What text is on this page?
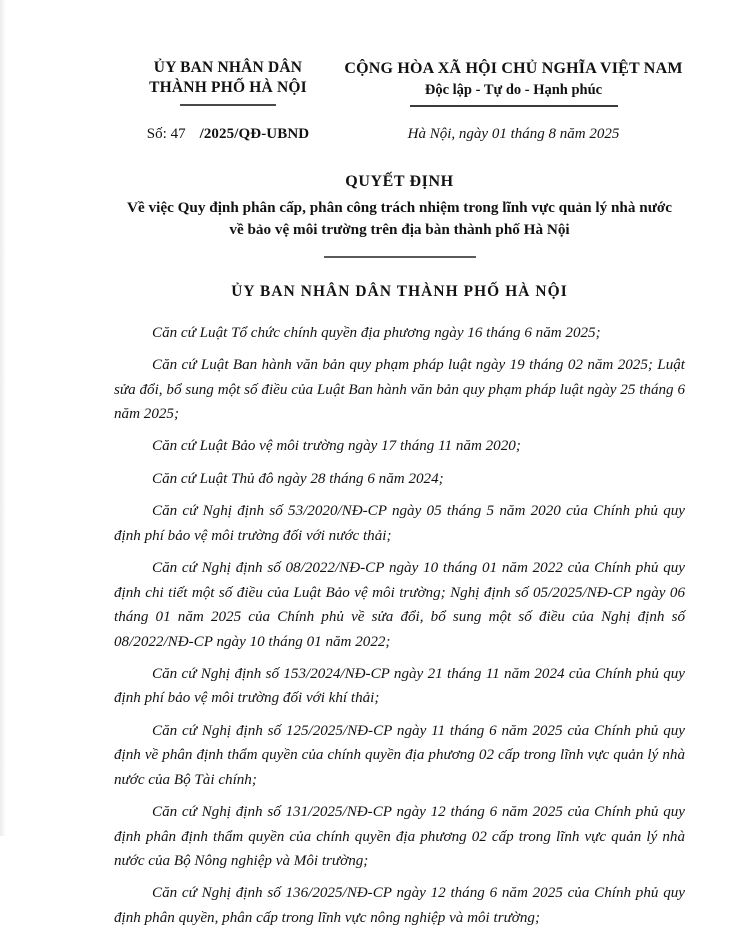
ỦY BAN NHÂN DÂN
THÀNH PHỐ HÀ NỘI
CỘNG HÒA XÃ HỘI CHỦ NGHĨA VIỆT NAM
Độc lập - Tự do - Hạnh phúc
Số: 47 /2025/QĐ-UBND	Hà Nội, ngày 01 tháng 8 năm 2025
QUYẾT ĐỊNH
Về việc Quy định phân cấp, phân công trách nhiệm trong lĩnh vực quản lý nhà nước về bảo vệ môi trường trên địa bàn thành phố Hà Nội
ỦY BAN NHÂN DÂN THÀNH PHỐ HÀ NỘI

Căn cứ Luật Tổ chức chính quyền địa phương ngày 16 tháng 6 năm 2025;

Căn cứ Luật Ban hành văn bản quy phạm pháp luật ngày 19 tháng 02 năm 2025; Luật sửa đổi, bổ sung một số điều của Luật Ban hành văn bản quy phạm pháp luật ngày 25 tháng 6 năm 2025;

Căn cứ Luật Bảo vệ môi trường ngày 17 tháng 11 năm 2020;

Căn cứ Luật Thủ đô ngày 28 tháng 6 năm 2024;

Căn cứ Nghị định số 53/2020/NĐ-CP ngày 05 tháng 5 năm 2020 của Chính phủ quy định phí bảo vệ môi trường đối với nước thải;

Căn cứ Nghị định số 08/2022/NĐ-CP ngày 10 tháng 01 năm 2022 của Chính phủ quy định chi tiết một số điều của Luật Bảo vệ môi trường; Nghị định số 05/2025/NĐ-CP ngày 06 tháng 01 năm 2025 của Chính phủ về sửa đổi, bổ sung một số điều của Nghị định số 08/2022/NĐ-CP ngày 10 tháng 01 năm 2022;

Căn cứ Nghị định số 153/2024/NĐ-CP ngày 21 tháng 11 năm 2024 của Chính phủ quy định phí bảo vệ môi trường đối với khí thải;

Căn cứ Nghị định số 125/2025/NĐ-CP ngày 11 tháng 6 năm 2025 của Chính phủ quy định về phân định thẩm quyền của chính quyền địa phương 02 cấp trong lĩnh vực quản lý nhà nước của Bộ Tài chính;

Căn cứ Nghị định số 131/2025/NĐ-CP ngày 12 tháng 6 năm 2025 của Chính phủ quy định phân định thẩm quyền của chính quyền địa phương 02 cấp trong lĩnh vực quản lý nhà nước của Bộ Nông nghiệp và Môi trường;

Căn cứ Nghị định số 136/2025/NĐ-CP ngày 12 tháng 6 năm 2025 của Chính phủ quy định phân quyền, phân cấp trong lĩnh vực nông nghiệp và môi trường;
